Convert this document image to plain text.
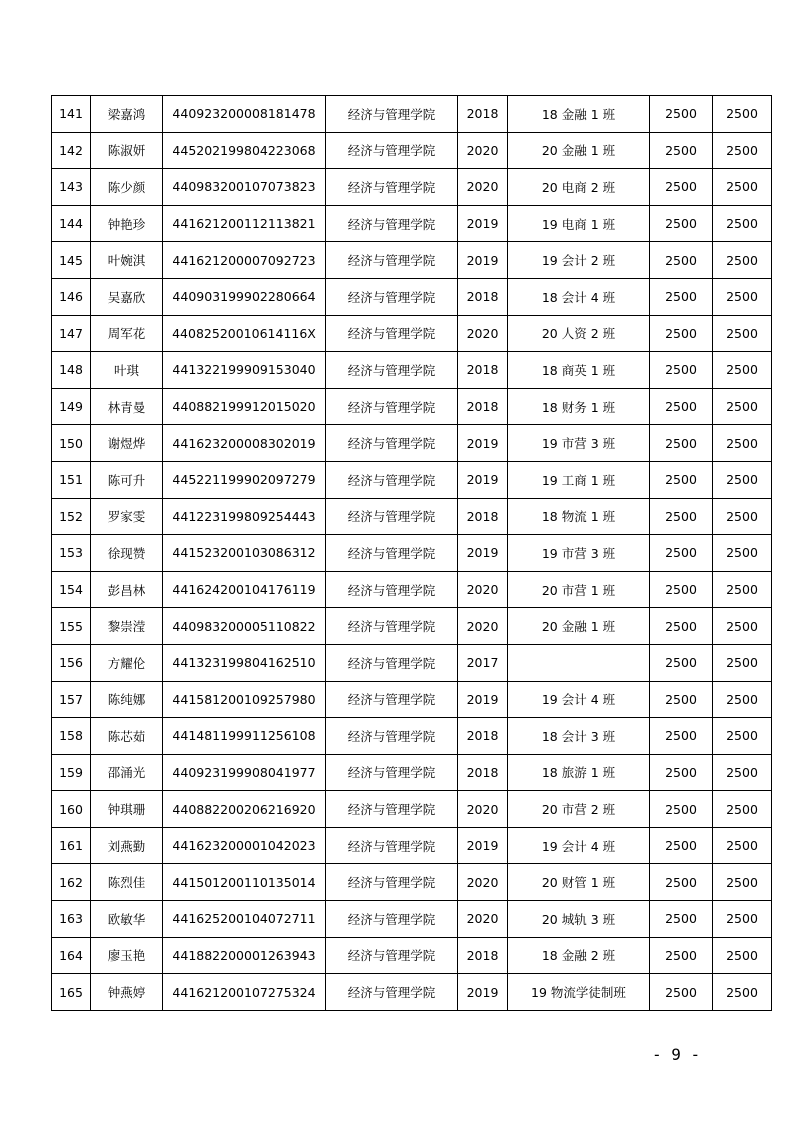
141	梁嘉鸿	440923200008181478	经济与管理学院	2018	18 金融 1 班	2500	2500
142	陈淑妍	445202199804223068	经济与管理学院	2020	20 金融 1 班	2500	2500
143	陈少颜	440983200107073823	经济与管理学院	2020	20 电商 2 班	2500	2500
144	钟艳珍	441621200112113821	经济与管理学院	2019	19 电商 1 班	2500	2500
145	叶婉淇	441621200007092723	经济与管理学院	2019	19 会计 2 班	2500	2500
146	吴嘉欣	440903199902280664	经济与管理学院	2018	18 会计 4 班	2500	2500
147	周军花	44082520010614116X	经济与管理学院	2020	20 人资 2 班	2500	2500
148	叶琪	441322199909153040	经济与管理学院	2018	18 商英 1 班	2500	2500
149	林青曼	440882199912015020	经济与管理学院	2018	18 财务 1 班	2500	2500
150	谢煜烨	441623200008302019	经济与管理学院	2019	19 市营 3 班	2500	2500
151	陈可升	445221199902097279	经济与管理学院	2019	19 工商 1 班	2500	2500
152	罗家雯	441223199809254443	经济与管理学院	2018	18 物流 1 班	2500	2500
153	徐现赞	441523200103086312	经济与管理学院	2019	19 市营 3 班	2500	2500
154	彭昌林	441624200104176119	经济与管理学院	2020	20 市营 1 班	2500	2500
155	黎崇滢	440983200005110822	经济与管理学院	2020	20 金融 1 班	2500	2500
156	方耀伦	441323199804162510	经济与管理学院	2017		2500	2500
157	陈纯娜	441581200109257980	经济与管理学院	2019	19 会计 4 班	2500	2500
158	陈芯茹	441481199911256108	经济与管理学院	2018	18 会计 3 班	2500	2500
159	邵涌光	440923199908041977	经济与管理学院	2018	18 旅游 1 班	2500	2500
160	钟琪珊	440882200206216920	经济与管理学院	2020	20 市营 2 班	2500	2500
161	刘燕勤	441623200001042023	经济与管理学院	2019	19 会计 4 班	2500	2500
162	陈烈佳	441501200110135014	经济与管理学院	2020	20 财管 1 班	2500	2500
163	欧敏华	441625200104072711	经济与管理学院	2020	20 城轨 3 班	2500	2500
164	廖玉艳	441882200001263943	经济与管理学院	2018	18 金融 2 班	2500	2500
165	钟燕婷	441621200107275324	经济与管理学院	2019	19 物流学徒制班	2500	2500
- 9 -
